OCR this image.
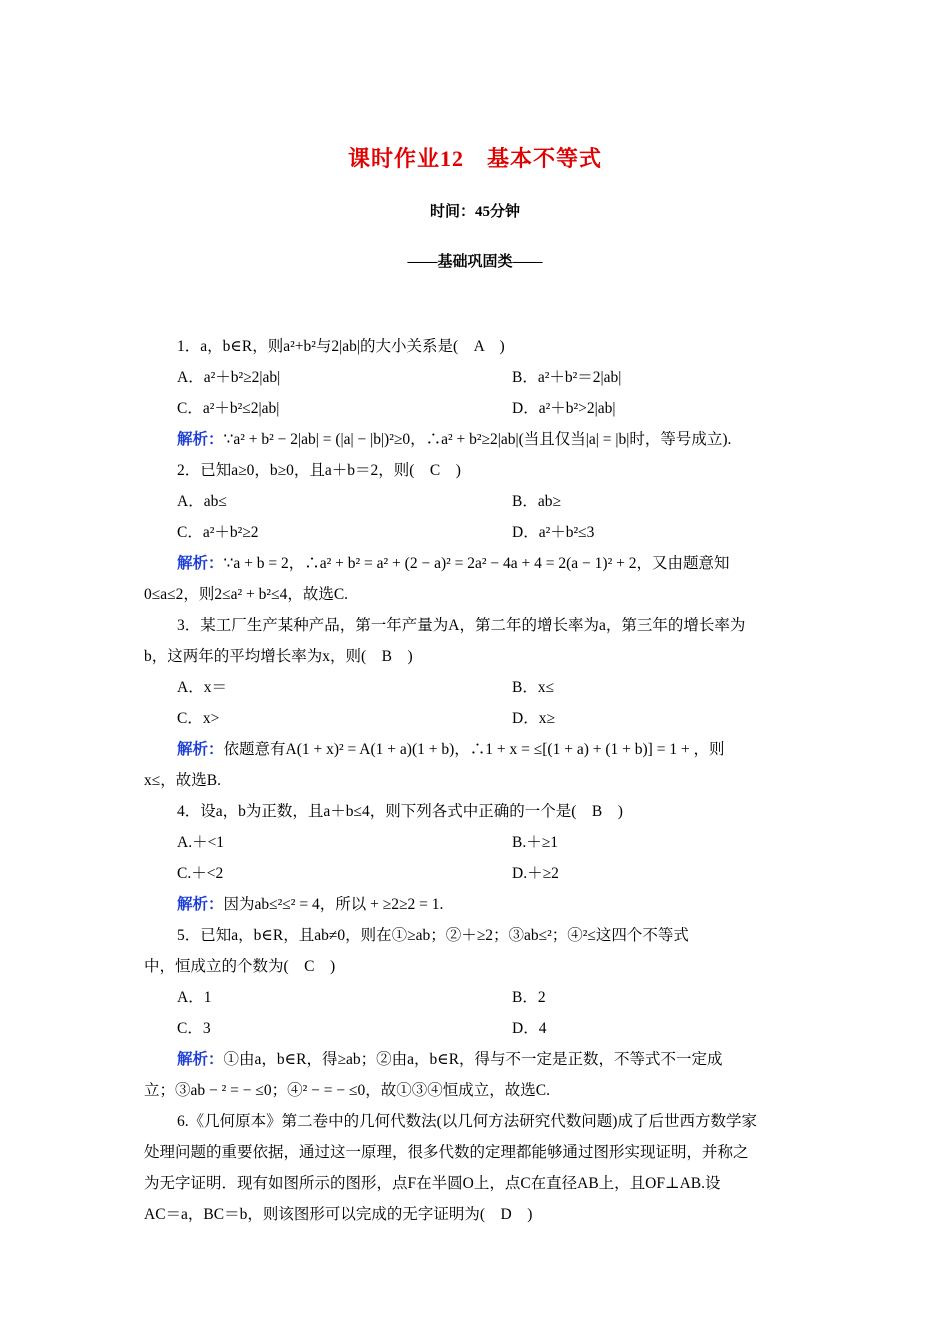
课时作业12　基本不等式
时间：45分钟
——基础巩固类——
1．a，b∈R，则a²+b²与2|ab|的大小关系是(　A　)
A．a²＋b²≥2|ab|	B．a²＋b²＝2|ab|
C．a²＋b²≤2|ab|	D．a²＋b²>2|ab|
解析：∵a² + b² − 2|ab| = (|a| − |b|)²≥0，∴a² + b²≥2|ab|(当且仅当|a| = |b|时，等号成立).
2．已知a≥0，b≥0，且a＋b＝2，则(　C　)
A．ab≤	B．ab≥
C．a²＋b²≥2	D．a²＋b²≤3
解析：∵a + b = 2，∴a² + b² = a² + (2 − a)² = 2a² − 4a + 4 = 2(a − 1)² + 2，又由题意知
0≤a≤2，则2≤a² + b²≤4，故选C.
3．某工厂生产某种产品，第一年产量为A，第二年的增长率为a，第三年的增长率为
b，这两年的平均增长率为x，则(　B　)
A．x＝	B．x≤
C．x>	D．x≥
解析：依题意有A(1 + x)² = A(1 + a)(1 + b)，∴1 + x = ≤[(1 + a) + (1 + b)] = 1 + ，则
x≤，故选B.
4．设a，b为正数，且a＋b≤4，则下列各式中正确的一个是(　B　)
A.＋<1	B.＋≥1
C.＋<2	D.＋≥2
解析：因为ab≤²≤² = 4，所以 + ≥2≥2 = 1.
5．已知a，b∈R，且ab≠0，则在①≥ab；②＋≥2；③ab≤²；④²≤这四个不等式
中，恒成立的个数为(　C　)
A．1	B．2
C．3	D．4
解析：①由a，b∈R，得≥ab；②由a，b∈R，得与不一定是正数，不等式不一定成
立；③ab − ² = − ≤0；④² − = − ≤0，故①③④恒成立，故选C.
6.《几何原本》第二卷中的几何代数法(以几何方法研究代数问题)成了后世西方数学家
处理问题的重要依据，通过这一原理，很多代数的定理都能够通过图形实现证明，并称之
为无字证明．现有如图所示的图形，点F在半圆O上，点C在直径AB上，且OF⊥AB.设
AC＝a，BC＝b，则该图形可以完成的无字证明为(　D　)
